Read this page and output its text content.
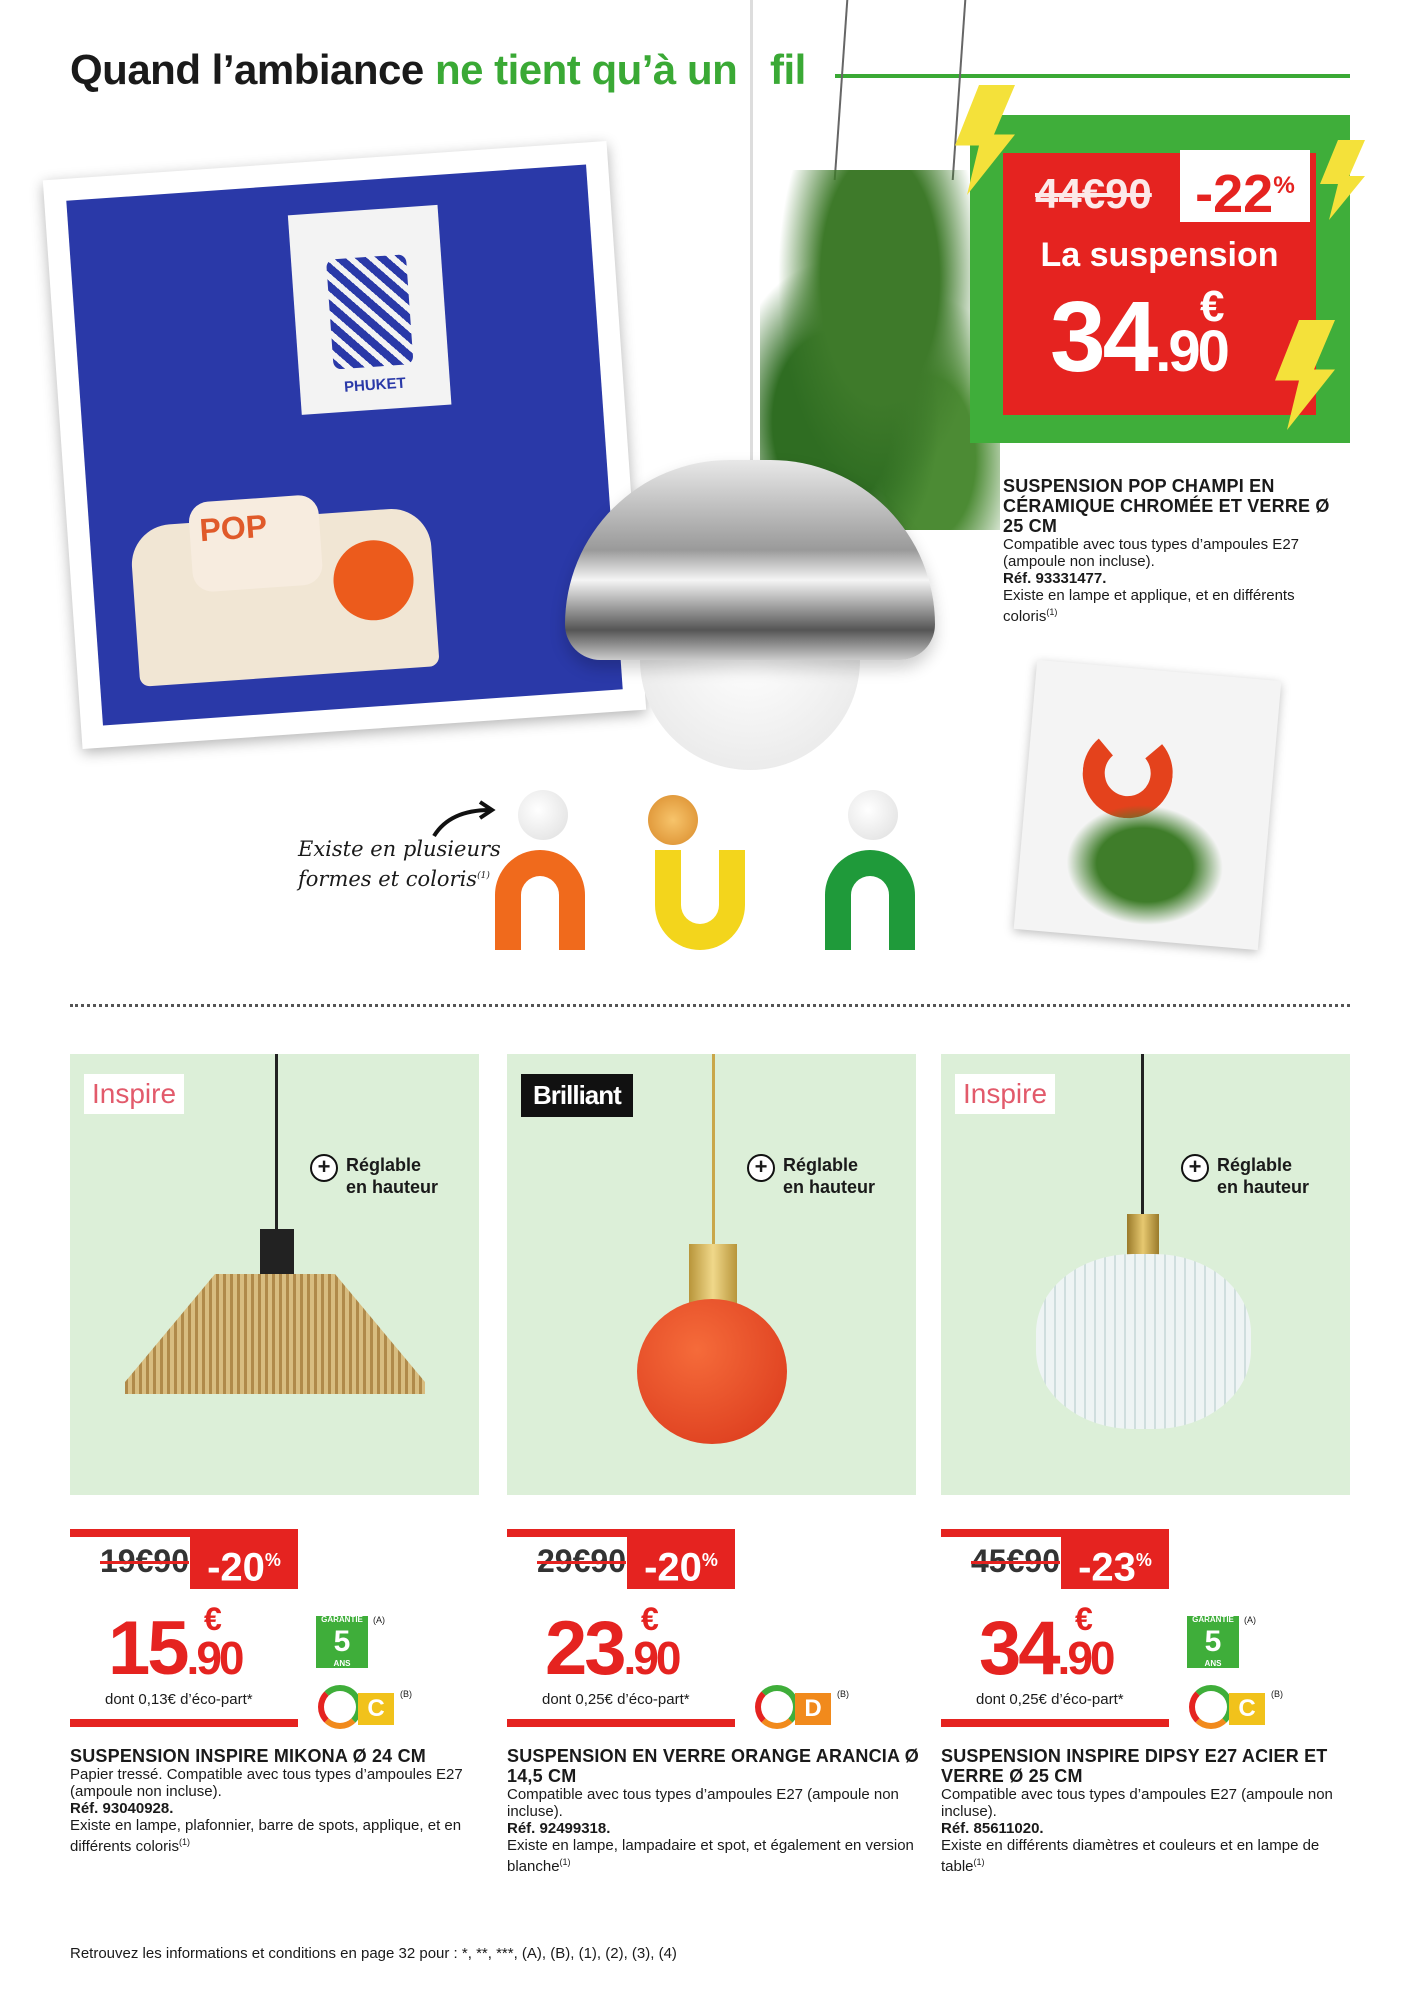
Quand l’ambiance ne tient qu’à un fil
PHUKET
POP
44€90 -22%
La suspension
34.90
€
SUSPENSION POP CHAMPI EN CÉRAMIQUE CHROMÉE ET VERRE Ø 25 CM
Compatible avec tous types d’ampoules E27 (ampoule non incluse).
Réf. 93331477.
Existe en lampe et applique, et en différents coloris$^{(1)}$
Existe en plusieurs
formes et coloris$^{(1)}$
Inspire
+ Réglable
en hauteur
Brilliant
+ Réglable
en hauteur
Inspire
+ Réglable
en hauteur
19€90 -20%
15.90
€
dont 0,13€ d’éco-part*
GARANTIE
5
ANS
(A)
C
(B)
29€90 -20%
23.90
€
dont 0,25€ d’éco-part*	D
(B)
45€90 -23%
34.90
€
dont 0,25€ d’éco-part*
GARANTIE
5
ANS
(A)
C
(B)
SUSPENSION INSPIRE MIKONA Ø 24 CM
Papier tressé. Compatible avec tous types d’ampoules E27 (ampoule non incluse).
Réf. 93040928.
Existe en lampe, plafonnier, barre de spots, applique, et en différents coloris$^{(1)}$
SUSPENSION EN VERRE ORANGE ARANCIA Ø 14,5 CM
Compatible avec tous types d’ampoules E27 (ampoule non incluse).
Réf. 92499318.
Existe en lampe, lampadaire et spot, et également en version blanche$^{(1)}$
SUSPENSION INSPIRE DIPSY E27 ACIER ET VERRE Ø 25 CM
Compatible avec tous types d’ampoules E27 (ampoule non incluse).
Réf. 85611020.
Existe en différents diamètres et couleurs et en lampe de table$^{(1)}$
Retrouvez les informations et conditions en page 32 pour : *, **, ***, (A), (B), (1), (2), (3), (4)
